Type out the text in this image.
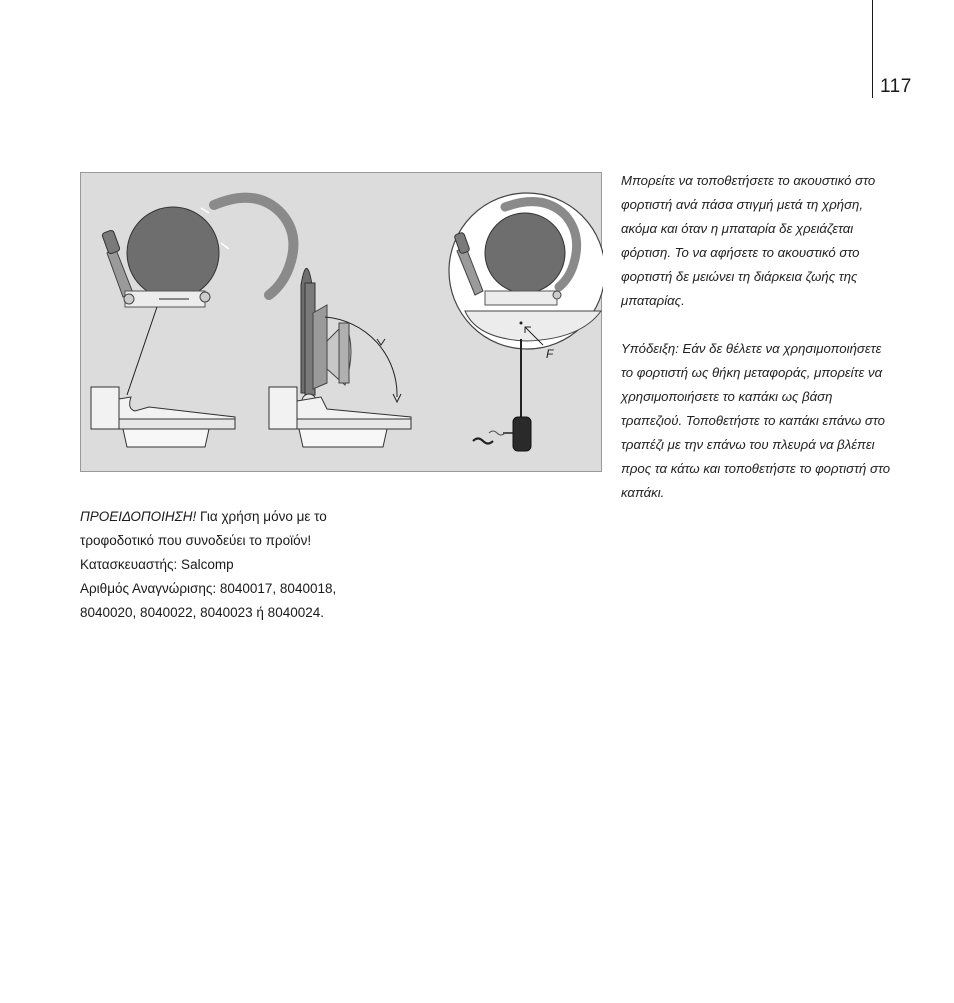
117
F

Μπορείτε να τοποθετήσετε το ακουστικό στο φορτιστή ανά πάσα στιγμή μετά τη χρήση, ακόμα και όταν η μπαταρία δε χρειάζεται φόρτιση. Το να αφήσετε το ακουστικό στο φορτιστή δε μειώνει τη διάρκεια ζωής της μπαταρίας.

Υπόδειξη: Εάν δε θέλετε να χρησιμοποιήσετε το φορτιστή ως θήκη μεταφοράς, μπορείτε να χρησιμοποιήσετε το καπάκι ως βάση τραπεζιού. Τοποθετήστε το καπάκι επάνω στο τραπέζι με την επάνω του πλευρά να βλέπει προς τα κάτω και τοποθετήστε το φορτιστή στο καπάκι.

ΠΡΟΕΙΔΟΠΟΙΗΣΗ! Για χρήση μόνο με το τροφοδοτικό που συνοδεύει το προϊόν!

Κατασκευαστής: Salcomp

Αριθμός Αναγνώρισης: 8040017, 8040018, 8040020, 8040022, 8040023 ή 8040024.
